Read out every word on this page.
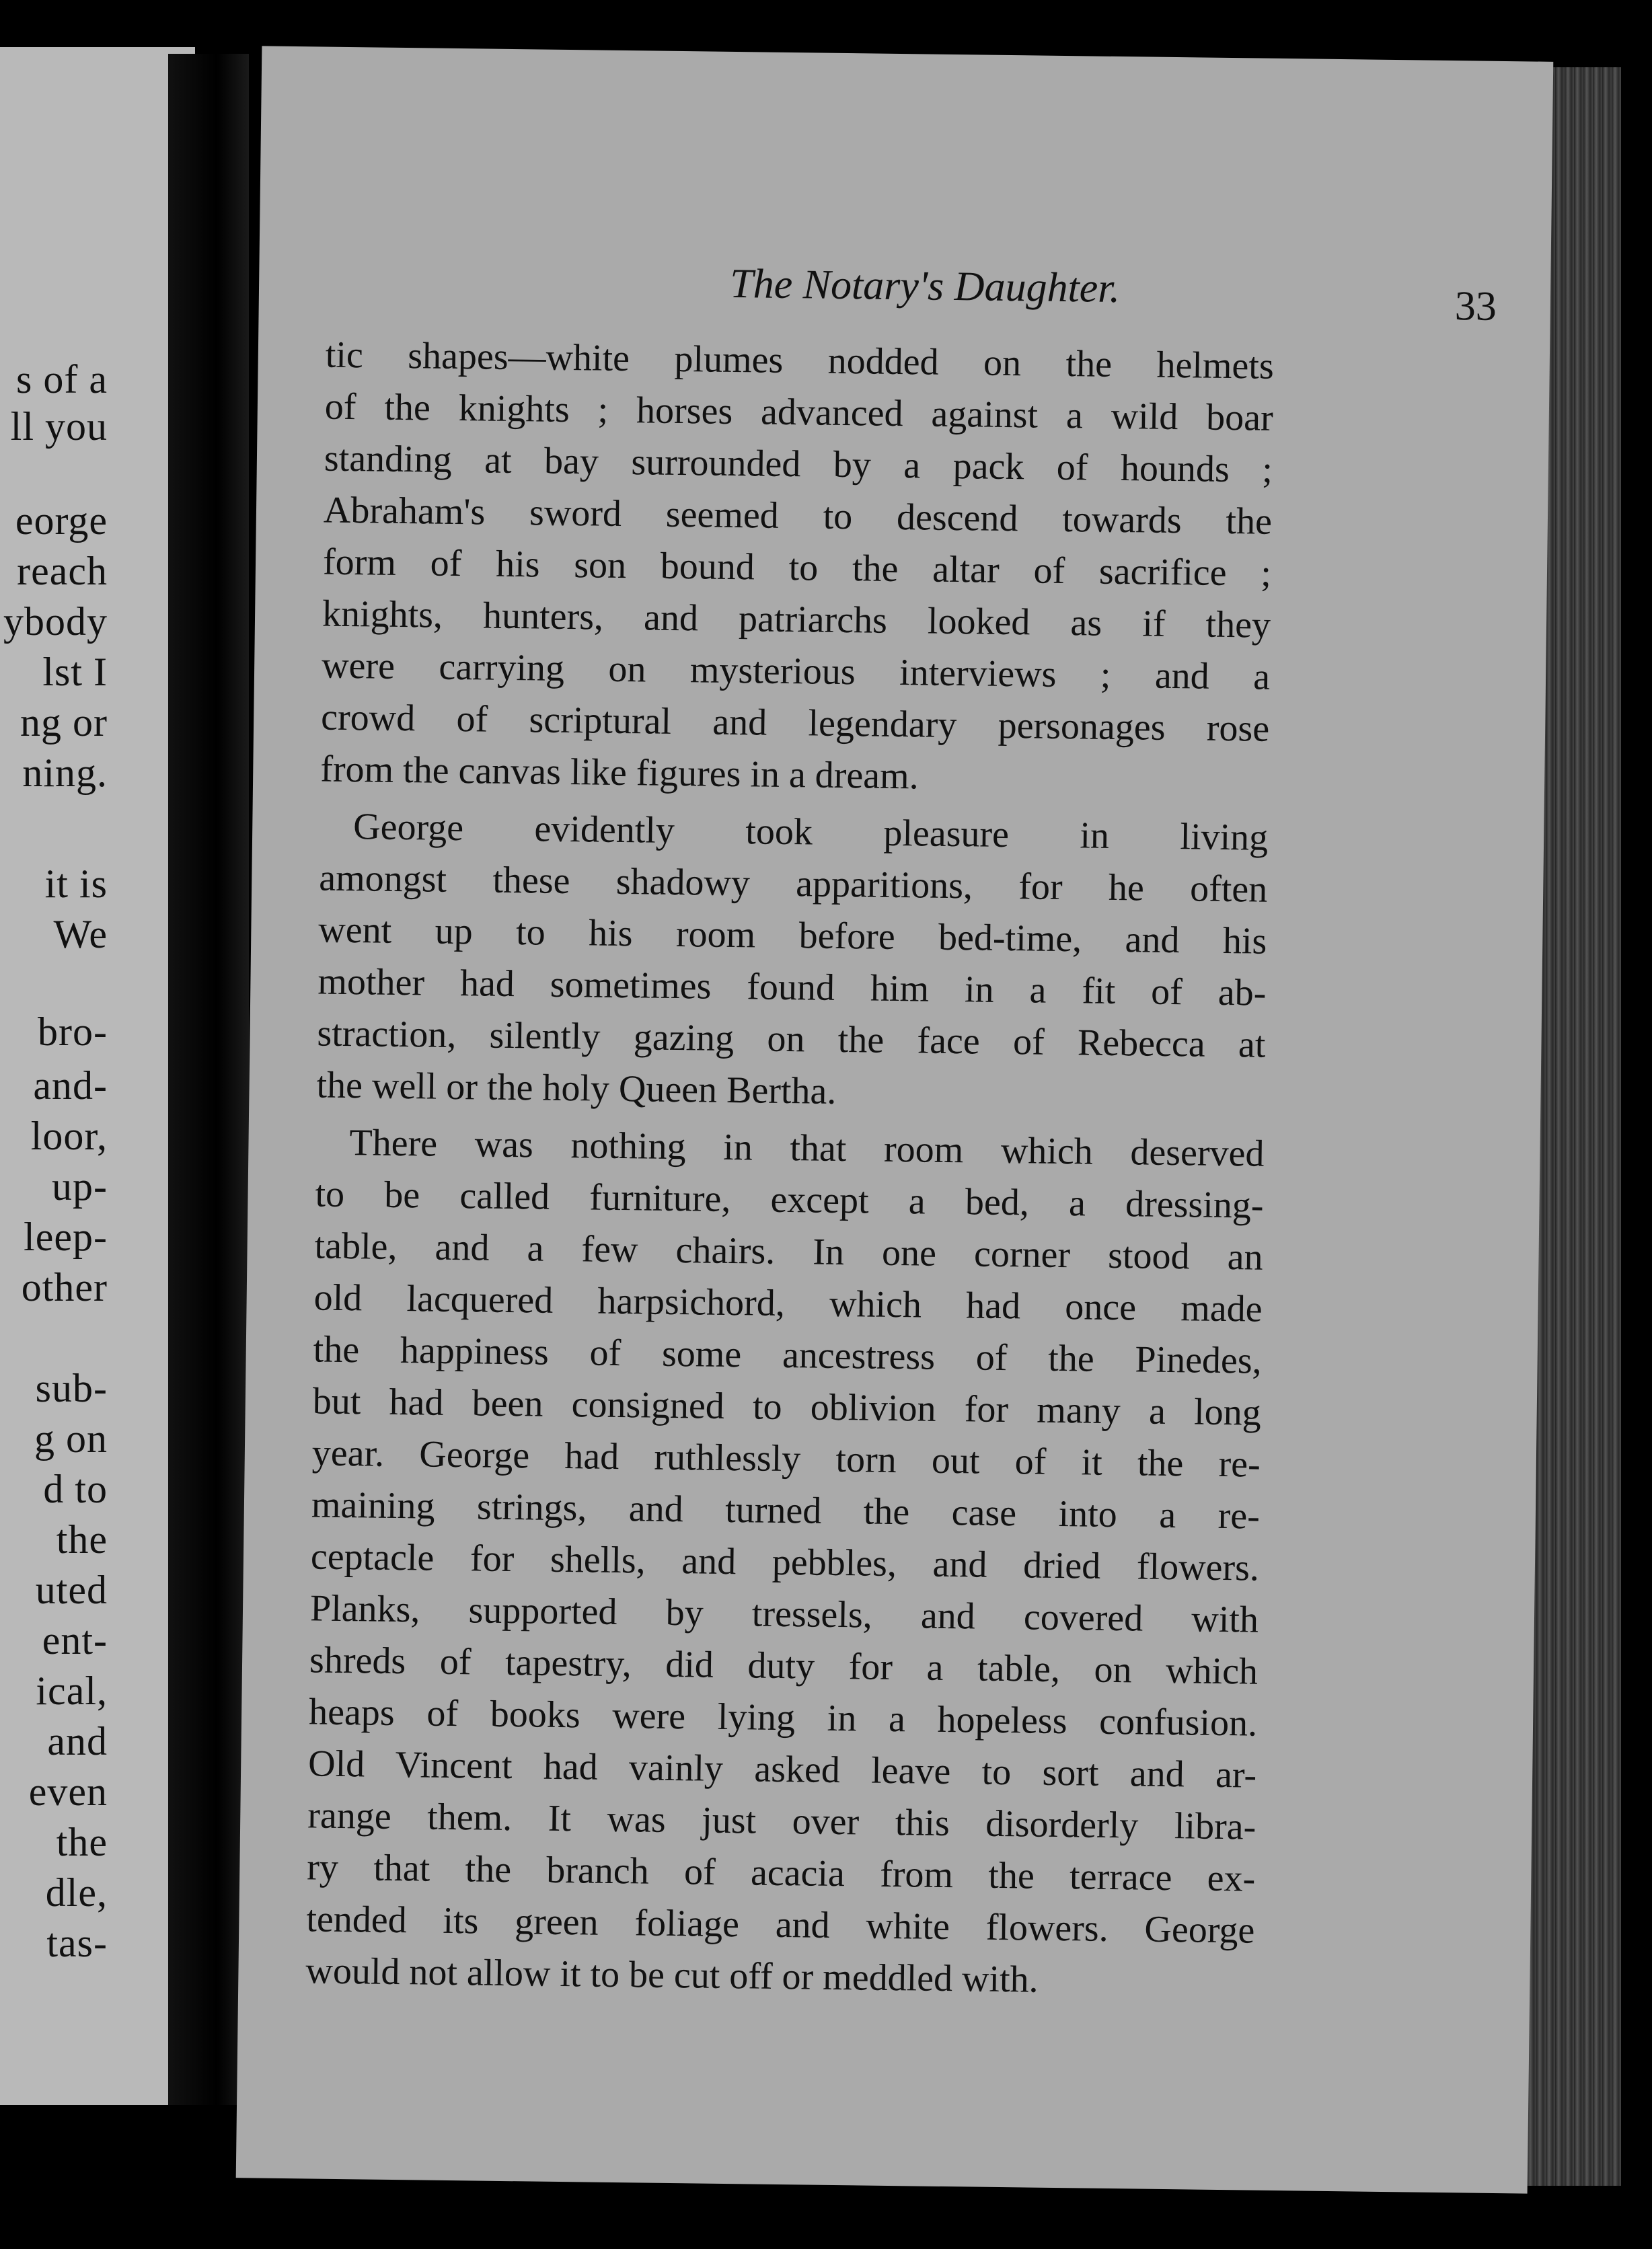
s of a
ll you
eorge
reach
ybody
lst I
ng or
ning.
it is
We
bro-
and-
loor,
up-
leep-
other
sub-
g on
d to
the
uted
ent-
ical,
and
even
the
dle,
tas-
The Notary's Daughter.	33
tic shapes—white plumes nodded on the helmets
of the knights ; horses advanced against a wild boar
standing at bay surrounded by a pack of hounds ;
Abraham's sword seemed to descend towards the
form of his son bound to the altar of sacrifice ;
knights, hunters, and patriarchs looked as if they
were carrying on mysterious interviews ; and a
crowd of scriptural and legendary personages rose
from the canvas like figures in a dream.
George evidently took pleasure in living
amongst these shadowy apparitions, for he often
went up to his room before bed-time, and his
mother had sometimes found him in a fit of ab-
straction, silently gazing on the face of Rebecca at
the well or the holy Queen Bertha.
There was nothing in that room which deserved
to be called furniture, except a bed, a dressing-
table, and a few chairs. In one corner stood an
old lacquered harpsichord, which had once made
the happiness of some ancestress of the Pinedes,
but had been consigned to oblivion for many a long
year. George had ruthlessly torn out of it the re-
maining strings, and turned the case into a re-
ceptacle for shells, and pebbles, and dried flowers.
Planks, supported by tressels, and covered with
shreds of tapestry, did duty for a table, on which
heaps of books were lying in a hopeless confusion.
Old Vincent had vainly asked leave to sort and ar-
range them. It was just over this disorderly libra-
ry that the branch of acacia from the terrace ex-
tended its green foliage and white flowers. George
would not allow it to be cut off or meddled with.
